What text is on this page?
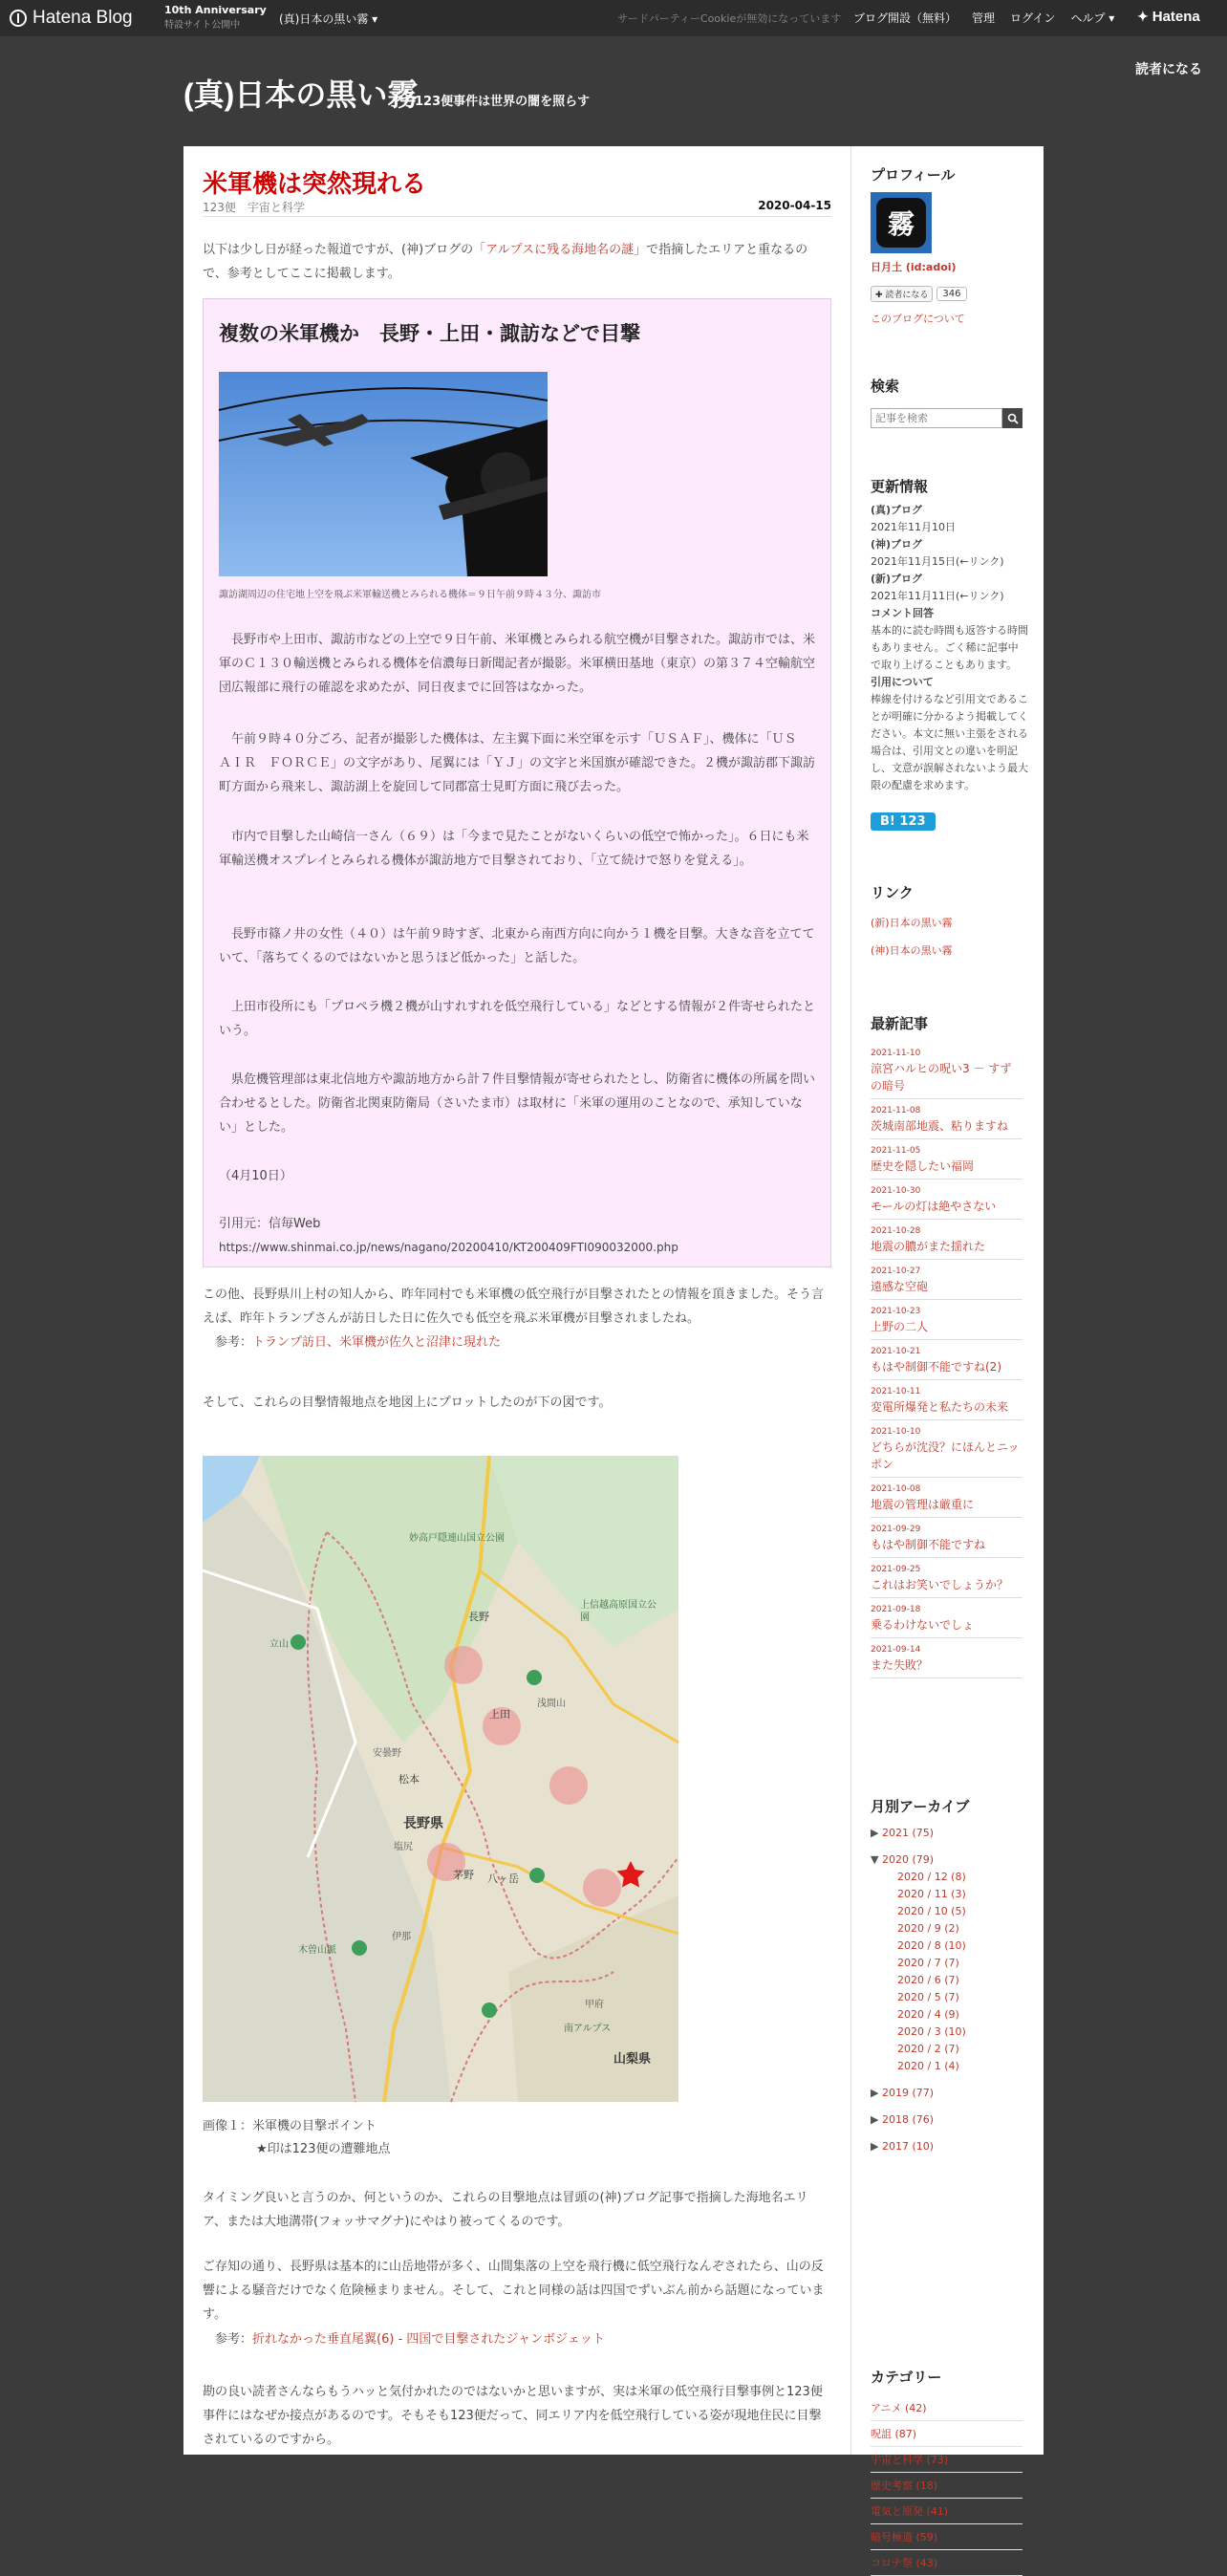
Hatena Blog	10th Anniversary
特設サイト公開中	(真)日本の黒い霧 ▾	サードパーティーCookieが無効になっています ブログ開設（無料） 管理 ログイン ヘルプ ▾ ✦ Hatena
読者になる
(真)日本の黒い霧
123便事件は世界の闇を照らす
米軍機は突然現れる
123便　宇宙と科学	2020-04-15
以下は少し日が経った報道ですが、(神)ブログの「アルプスに残る海地名の謎」で指摘したエリアと重なるので、参考としてここに掲載します。
複数の米軍機か　長野・上田・諏訪などで目撃
諏訪湖周辺の住宅地上空を飛ぶ米軍輸送機とみられる機体＝９日午前９時４３分、諏訪市
　長野市や上田市、諏訪市などの上空で９日午前、米軍機とみられる航空機が目撃された。諏訪市では、米軍のＣ１３０輸送機とみられる機体を信濃毎日新聞記者が撮影。米軍横田基地（東京）の第３７４空輸航空団広報部に飛行の確認を求めたが、同日夜までに回答はなかった。
　午前９時４０分ごろ、記者が撮影した機体は、左主翼下面に米空軍を示す「ＵＳＡＦ」、機体に「ＵＳ　ＡＩＲ　ＦＯＲＣＥ」の文字があり、尾翼には「ＹＪ」の文字と米国旗が確認できた。２機が諏訪郡下諏訪町方面から飛来し、諏訪湖上を旋回して同郡富士見町方面に飛び去った。
　市内で目撃した山崎信一さん（６９）は「今まで見たことがないくらいの低空で怖かった」。６日にも米軍輸送機オスプレイとみられる機体が諏訪地方で目撃されており、「立て続けで怒りを覚える」。
　長野市篠ノ井の女性（４０）は午前９時すぎ、北東から南西方向に向かう１機を目撃。大きな音を立てていて、「落ちてくるのではないかと思うほど低かった」と話した。
　上田市役所にも「プロペラ機２機が山すれすれを低空飛行している」などとする情報が２件寄せられたという。
　県危機管理部は東北信地方や諏訪地方から計７件目撃情報が寄せられたとし、防衛省に機体の所属を問い合わせるとした。防衛省北関東防衛局（さいたま市）は取材に「米軍の運用のことなので、承知していない」とした。
（4月10日）
引用元：信毎Web
https://www.shinmai.co.jp/news/nagano/20200410/KT200409FTI090032000.php
この他、長野県川上村の知人から、昨年同村でも米軍機の低空飛行が目撃されたとの情報を頂きました。そう言えば、昨年トランプさんが訪日した日に佐久でも低空を飛ぶ米軍機が目撃されましたね。
　参考：トランプ訪日、米軍機が佐久と沼津に現れた
そして、これらの目撃情報地点を地図上にプロットしたのが下の図です。
長野県
山梨県
長野
上田
松本
茅野 八ヶ岳
安曇野
塩尻
甲府
妙高戸隠連山国立公園
上信越高原国立公園
立山
木曽山脈
南アルプス
伊那
浅間山
画像１：米軍機の目撃ポイント
★印は123便の遭難地点
タイミング良いと言うのか、何というのか、これらの目撃地点は冒頭の(神)ブログ記事で指摘した海地名エリア、または大地溝帯(フォッサマグナ)にやはり被ってくるのです。
ご存知の通り、長野県は基本的に山岳地帯が多く、山間集落の上空を飛行機に低空飛行なんぞされたら、山の反響による騒音だけでなく危険極まりません。そして、これと同様の話は四国でずいぶん前から話題になっています。
　参考：折れなかった垂直尾翼(6) - 四国で目撃されたジャンボジェット
勘の良い読者さんならもうハッと気付かれたのではないかと思いますが、実は米軍の低空飛行目撃事例と123便事件にはなぜか接点があるのです。そもそも123便だって、同エリア内を低空飛行している姿が現地住民に目撃されているのですから。
プロフィール
霧
日月土 (id:adoi)
✚ 読者になる	346
このブログについて
検索
記事を検索
更新情報
(真)ブログ
2021年11月10日
(神)ブログ
2021年11月15日(←リンク)
(新)ブログ
2021年11月11日(←リンク)
コメント回答
基本的に読む時間も返答する時間もありません。ごく稀に記事中で取り上げることもあります。
引用について
棒線を付けるなど引用文であることが明確に分かるよう掲載してください。本文に無い主張をされる場合は、引用文との違いを明記し、文意が誤解されないよう最大限の配慮を求めます。
B! 123
リンク
(新)日本の黒い霧
(神)日本の黒い霧
最新記事
2021-11-10
涼宮ハルヒの呪い3 － すずの暗号
2021-11-08
茨城南部地震、粘りますね
2021-11-05
歴史を隠したい福岡
2021-10-30
モールの灯は絶やさない
2021-10-28
地震の膿がまた揺れた
2021-10-27
遠感な空砲
2021-10-23
上野の二人
2021-10-21
もはや制御不能ですね(2)
2021-10-11
変電所爆発と私たちの未来
2021-10-10
どちらが沈没？にほんとニッポン
2021-10-08
地震の管理は厳重に
2021-09-29
もはや制御不能ですね
2021-09-25
これはお笑いでしょうか？
2021-09-18
乗るわけないでしょ
2021-09-14
また失敗？
月別アーカイブ
▶ 2021 (75)
▼ 2020 (79)
2020 / 12 (8)
2020 / 11 (3)
2020 / 10 (5)
2020 / 9 (2)
2020 / 8 (10)
2020 / 7 (7)
2020 / 6 (7)
2020 / 5 (7)
2020 / 4 (9)
2020 / 3 (10)
2020 / 2 (7)
2020 / 1 (4)
▶ 2019 (77)
▶ 2018 (76)
▶ 2017 (10)
カテゴリー
アニメ (42)
呪詛 (87)
宇宙と科学 (73)
歴史考察 (18)
電気と原発 (41)
暗号極道 (59)
コロナ祭 (43)
